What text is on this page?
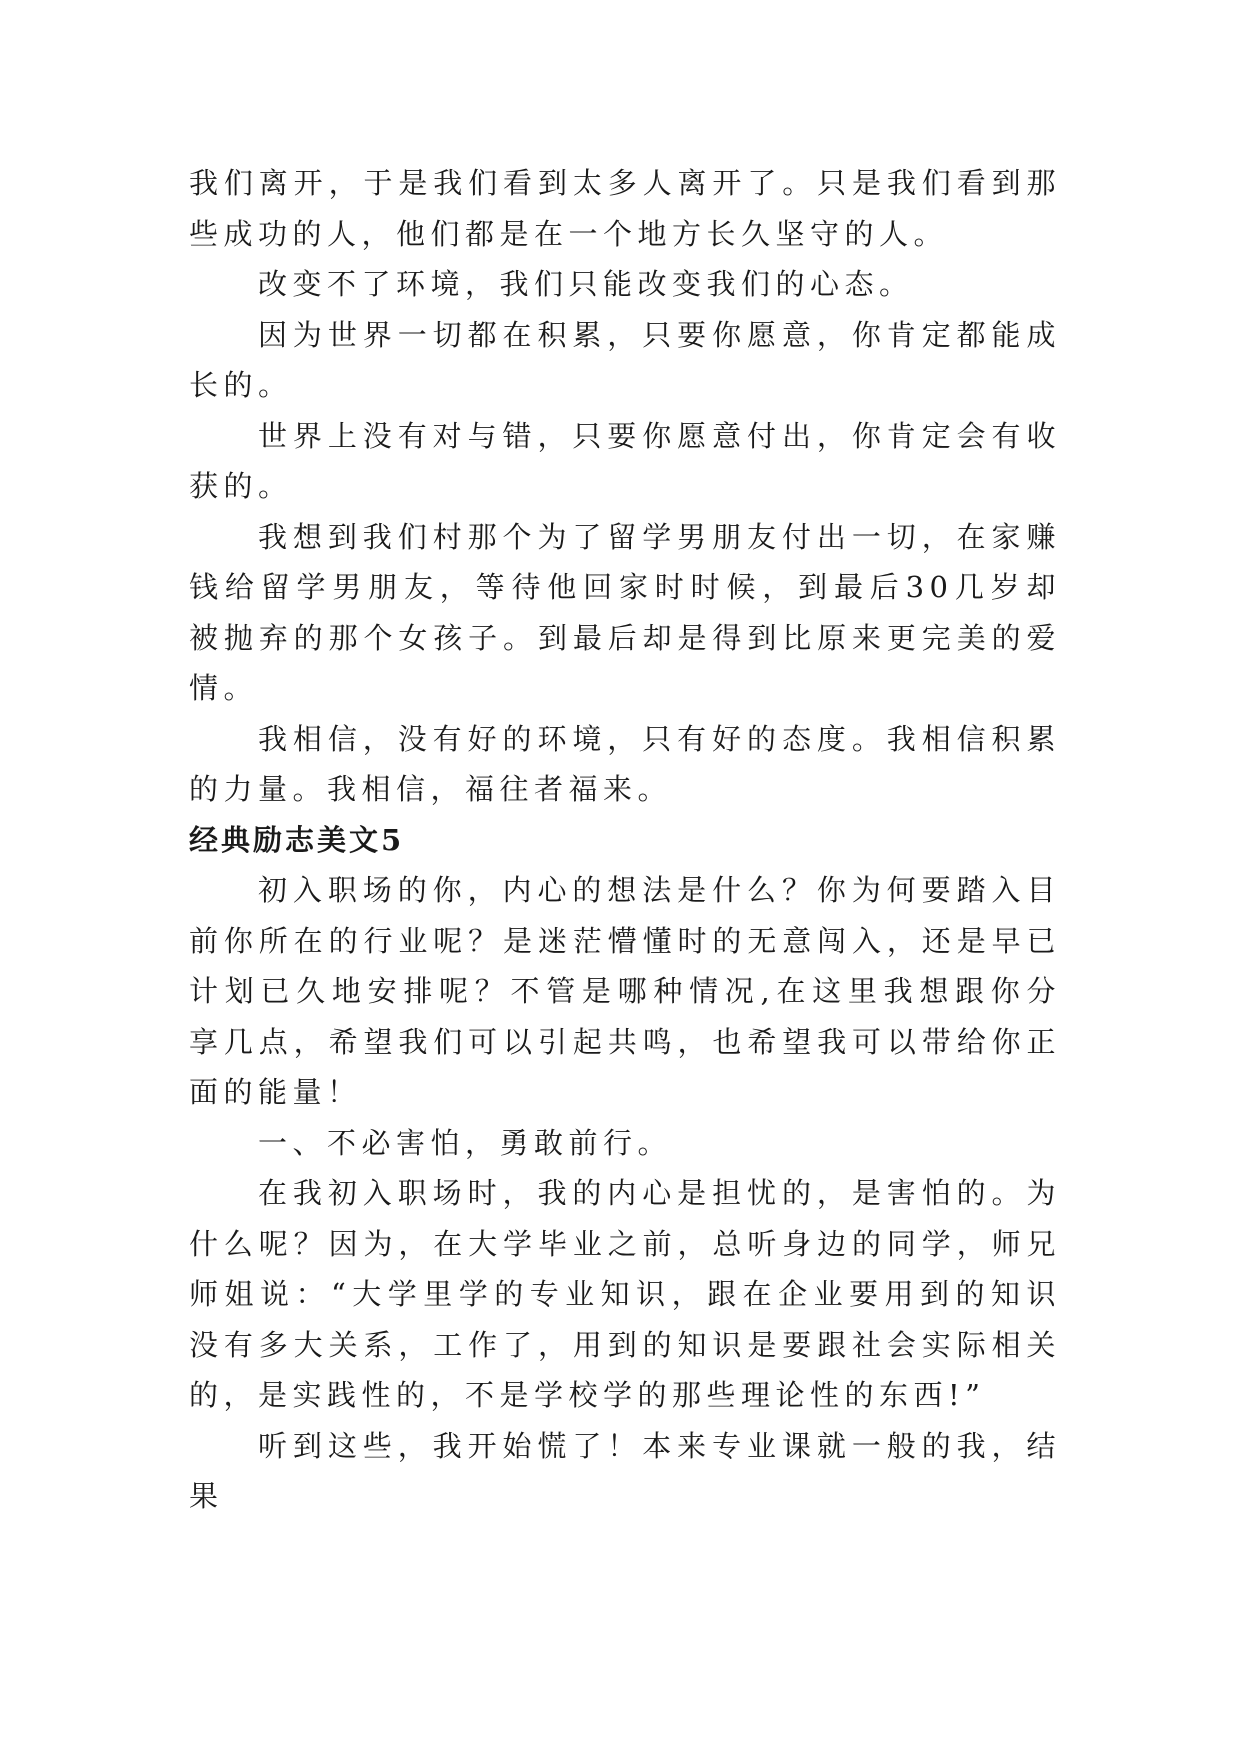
我们离开，于是我们看到太多人离开了。只是我们看到那些成功的人，他们都是在一个地方长久坚守的人。

改变不了环境，我们只能改变我们的心态。

因为世界一切都在积累，只要你愿意，你肯定都能成长的。

世界上没有对与错，只要你愿意付出，你肯定会有收获的。

我想到我们村那个为了留学男朋友付出一切，在家赚钱给留学男朋友，等待他回家时时候，到最后30几岁却被抛弃的那个女孩子。到最后却是得到比原来更完美的爱情。

我相信，没有好的环境，只有好的态度。我相信积累的力量。我相信，福往者福来。

经典励志美文5

初入职场的你，内心的想法是什么？你为何要踏入目前你所在的行业呢？是迷茫懵懂时的无意闯入，还是早已计划已久地安排呢？不管是哪种情况,在这里我想跟你分享几点，希望我们可以引起共鸣，也希望我可以带给你正面的能量！

一、不必害怕，勇敢前行。

在我初入职场时，我的内心是担忧的，是害怕的。为什么呢？因为，在大学毕业之前，总听身边的同学，师兄师姐说：“大学里学的专业知识，跟在企业要用到的知识没有多大关系，工作了，用到的知识是要跟社会实际相关的，是实践性的，不是学校学的那些理论性的东西!”

听到这些，我开始慌了！本来专业课就一般的我，结果
